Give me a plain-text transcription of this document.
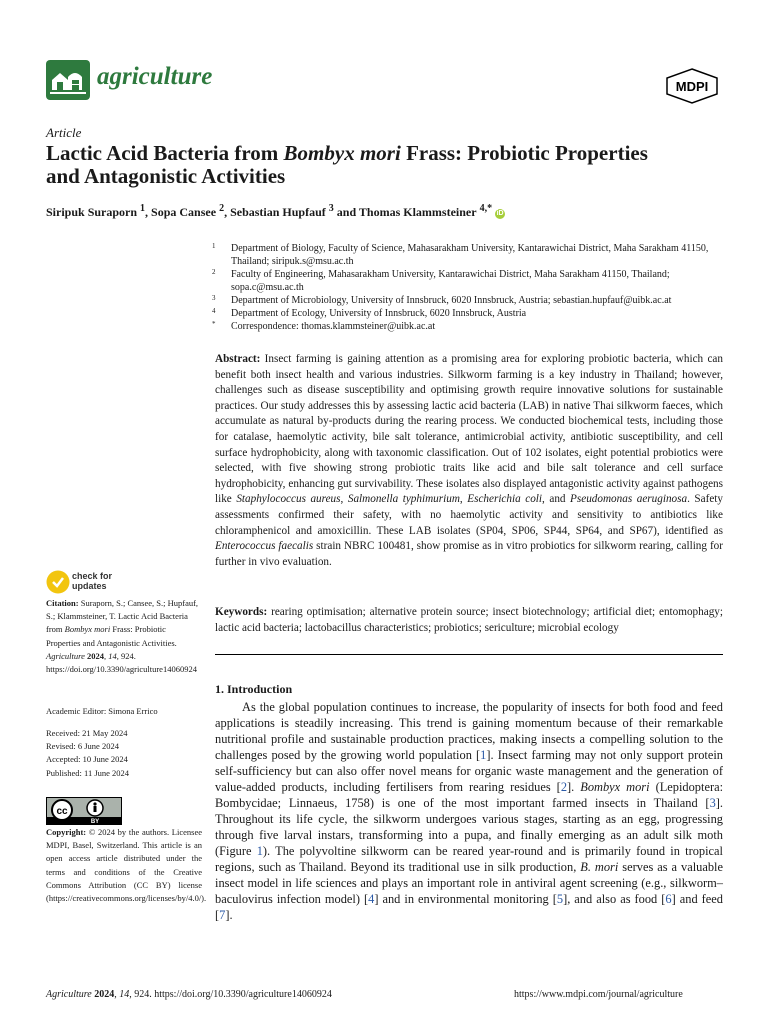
agriculture	MDPI
Article
Lactic Acid Bacteria from Bombyx mori Frass: Probiotic Properties and Antagonistic Activities
Siripuk Suraporn $^1$, Sopa Cansee $^2$, Sebastian Hupfauf $^3$ and Thomas Klammsteiner $^{4,*}$ iD
1 Department of Biology, Faculty of Science, Mahasarakham University, Kantarawichai District, Maha Sarakham 41150, Thailand; siripuk.s@msu.ac.th
2 Faculty of Engineering, Mahasarakham University, Kantarawichai District, Maha Sarakham 41150, Thailand; sopa.c@msu.ac.th
3 Department of Microbiology, University of Innsbruck, 6020 Innsbruck, Austria; sebastian.hupfauf@uibk.ac.at
4 Department of Ecology, University of Innsbruck, 6020 Innsbruck, Austria
* Correspondence: thomas.klammsteiner@uibk.ac.at
Abstract: Insect farming is gaining attention as a promising area for exploring probiotic bacteria, which can benefit both insect health and various industries. Silkworm farming is a key industry in Thailand; however, challenges such as disease susceptibility and optimising growth require innovative solutions for sustainable practices. Our study addresses this by assessing lactic acid bacteria (LAB) in native Thai silkworm faeces, which accumulate as natural by-products during the rearing process. We conducted biochemical tests, including those for catalase, haemolytic activity, bile salt tolerance, antimicrobial activity, antibiotic susceptibility, and cell surface hydrophobicity, along with taxonomic classification. Out of 102 isolates, eight potential probiotics were selected, with five showing strong probiotic traits like acid and bile salt tolerance and cell surface hydrophobicity, enhancing gut survivability. These isolates also displayed antagonistic activity against pathogens like Staphylococcus aureus, Salmonella typhimurium, Escherichia coli, and Pseudomonas aeruginosa. Safety assessments confirmed their safety, with no haemolytic activity and sensitivity to antibiotics like chloramphenicol and amoxicillin. These LAB isolates (SP04, SP06, SP44, SP64, and SP67), identified as Enterococcus faecalis strain NBRC 100481, show promise as in vitro probiotics for silkworm rearing, calling for further in vivo evaluation.
Keywords: rearing optimisation; alternative protein source; insect biotechnology; artificial diet; entomophagy; lactic acid bacteria; lactobacillus characteristics; probiotics; sericulture; microbial ecology
1. Introduction

As the global population continues to increase, the popularity of insects for both food and feed applications is steadily increasing. This trend is gaining momentum because of their remarkable nutritional profile and sustainable production practices, making insects a compelling solution to the challenges posed by the growing world population [1]. Insect farming may not only support protein self-sufficiency but can also offer novel means for organic waste management and the generation of value-added products, including fertilisers from rearing residues [2]. Bombyx mori (Lepidoptera: Bombycidae; Linnaeus, 1758) is one of the most important farmed insects in Thailand [3]. Throughout its life cycle, the silkworm undergoes various stages, starting as an egg, progressing through five larval instars, transforming into a pupa, and finally emerging as an adult silk moth (Figure 1). The polyvoltine silkworm can be reared year-round and is primarily found in tropical regions, such as Thailand. Beyond its traditional use in silk production, B. mori serves as a valuable insect model in life sciences and plays an important role in antiviral agent screening (e.g., silkworm–baculovirus infection model) [4] and in environmental monitoring [5], and also as food [6] and feed [7].

check for
updates
Citation: Suraporn, S.; Cansee, S.; Hupfauf, S.; Klammsteiner, T. Lactic Acid Bacteria from Bombyx mori Frass: Probiotic Properties and Antagonistic Activities. Agriculture 2024, 14, 924. https://doi.org/10.3390/agriculture14060924
Academic Editor: Simona Errico
Received: 21 May 2024
Revised: 6 June 2024
Accepted: 10 June 2024
Published: 11 June 2024
cc
BY
Copyright: © 2024 by the authors. Licensee MDPI, Basel, Switzerland. This article is an open access article distributed under the terms and conditions of the Creative Commons Attribution (CC BY) license (https://creativecommons.org/licenses/by/4.0/).
Agriculture 2024, 14, 924. https://doi.org/10.3390/agriculture14060924	https://www.mdpi.com/journal/agriculture
